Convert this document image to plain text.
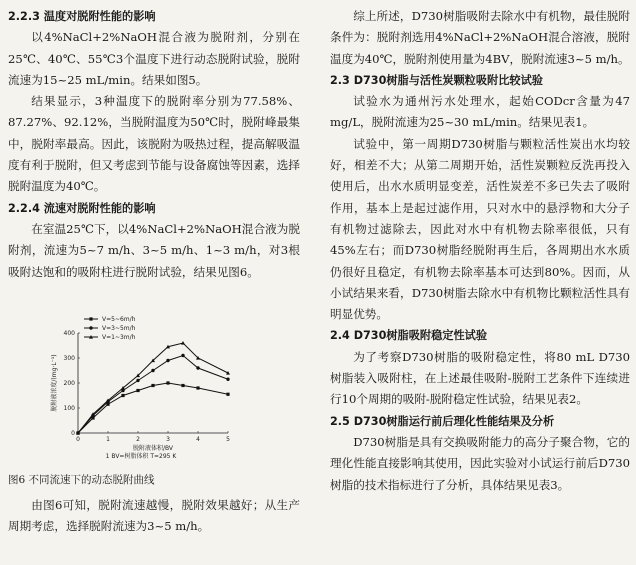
2.2.3 温度对脱附性能的影响

以4%NaCl+2%NaOH混合液为脱附剂，分别在25℃、40℃、55℃3个温度下进行动态脱附试验，脱附流速为15~25 mL/min。结果如图5。

结果显示，3种温度下的脱附率分别为77.58%、87.27%、92.12%，当脱附温度为50℃时，脱附峰最集中，脱附率最高。因此，该脱附为吸热过程，提高解吸温度有利于脱附，但又考虑到节能与设备腐蚀等因素，选择脱附温度为40℃。

2.2.4 流速对脱附性能的影响

在室温25℃下，以4%NaCl+2%NaOH混合液为脱附剂，流速为5~7 m/h、3~5 m/h、1~3 m/h，对3根吸附达饱和的吸附柱进行脱附试验，结果见图6。

0	1	2	3	4	5
0
100
200
300
400
V=5~6m/h
V=3~5m/h
V=1~3m/h
脱附液体积/BV
1 BV=树脂体积 T=295 K
脱附液浓度/(mg·L⁻¹)

图6 不同流速下的动态脱附曲线

由图6可知，脱附流速越慢，脱附效果越好；从生产周期考虑，选择脱附流速为3~5 m/h。

综上所述，D730树脂吸附去除水中有机物，最佳脱附条件为：脱附剂选用4%NaCl+2%NaOH混合溶液，脱附温度为40℃，脱附剂使用量为4BV，脱附流速3~5 m/h。

2.3 D730树脂与活性炭颗粒吸附比较试验

试验水为通州污水处理水，起始CODcr含量为47 mg/L，脱附流速为25~30 mL/min。结果见表1。

试验中，第一周期D730树脂与颗粒活性炭出水均较好，相差不大；从第二周期开始，活性炭颗粒反洗再投入使用后，出水水质明显变差，活性炭差不多已失去了吸附作用，基本上是起过滤作用，只对水中的悬浮物和大分子有机物过滤除去，因此对水中有机物去除率很低，只有45%左右；而D730树脂经脱附再生后，各周期出水水质仍很好且稳定，有机物去除率基本可达到80%。因而，从小试结果来看，D730树脂去除水中有机物比颗粒活性具有明显优势。

2.4 D730树脂吸附稳定性试验

为了考察D730树脂的吸附稳定性，将80 mL D730树脂装入吸附柱，在上述最佳吸附-脱附工艺条件下连续进行10个周期的吸附-脱附稳定性试验，结果见表2。

2.5 D730树脂运行前后理化性能结果及分析

D730树脂是具有交换吸附能力的高分子聚合物，它的理化性能直接影响其使用，因此实验对小试运行前后D730树脂的技术指标进行了分析，具体结果见表3。
